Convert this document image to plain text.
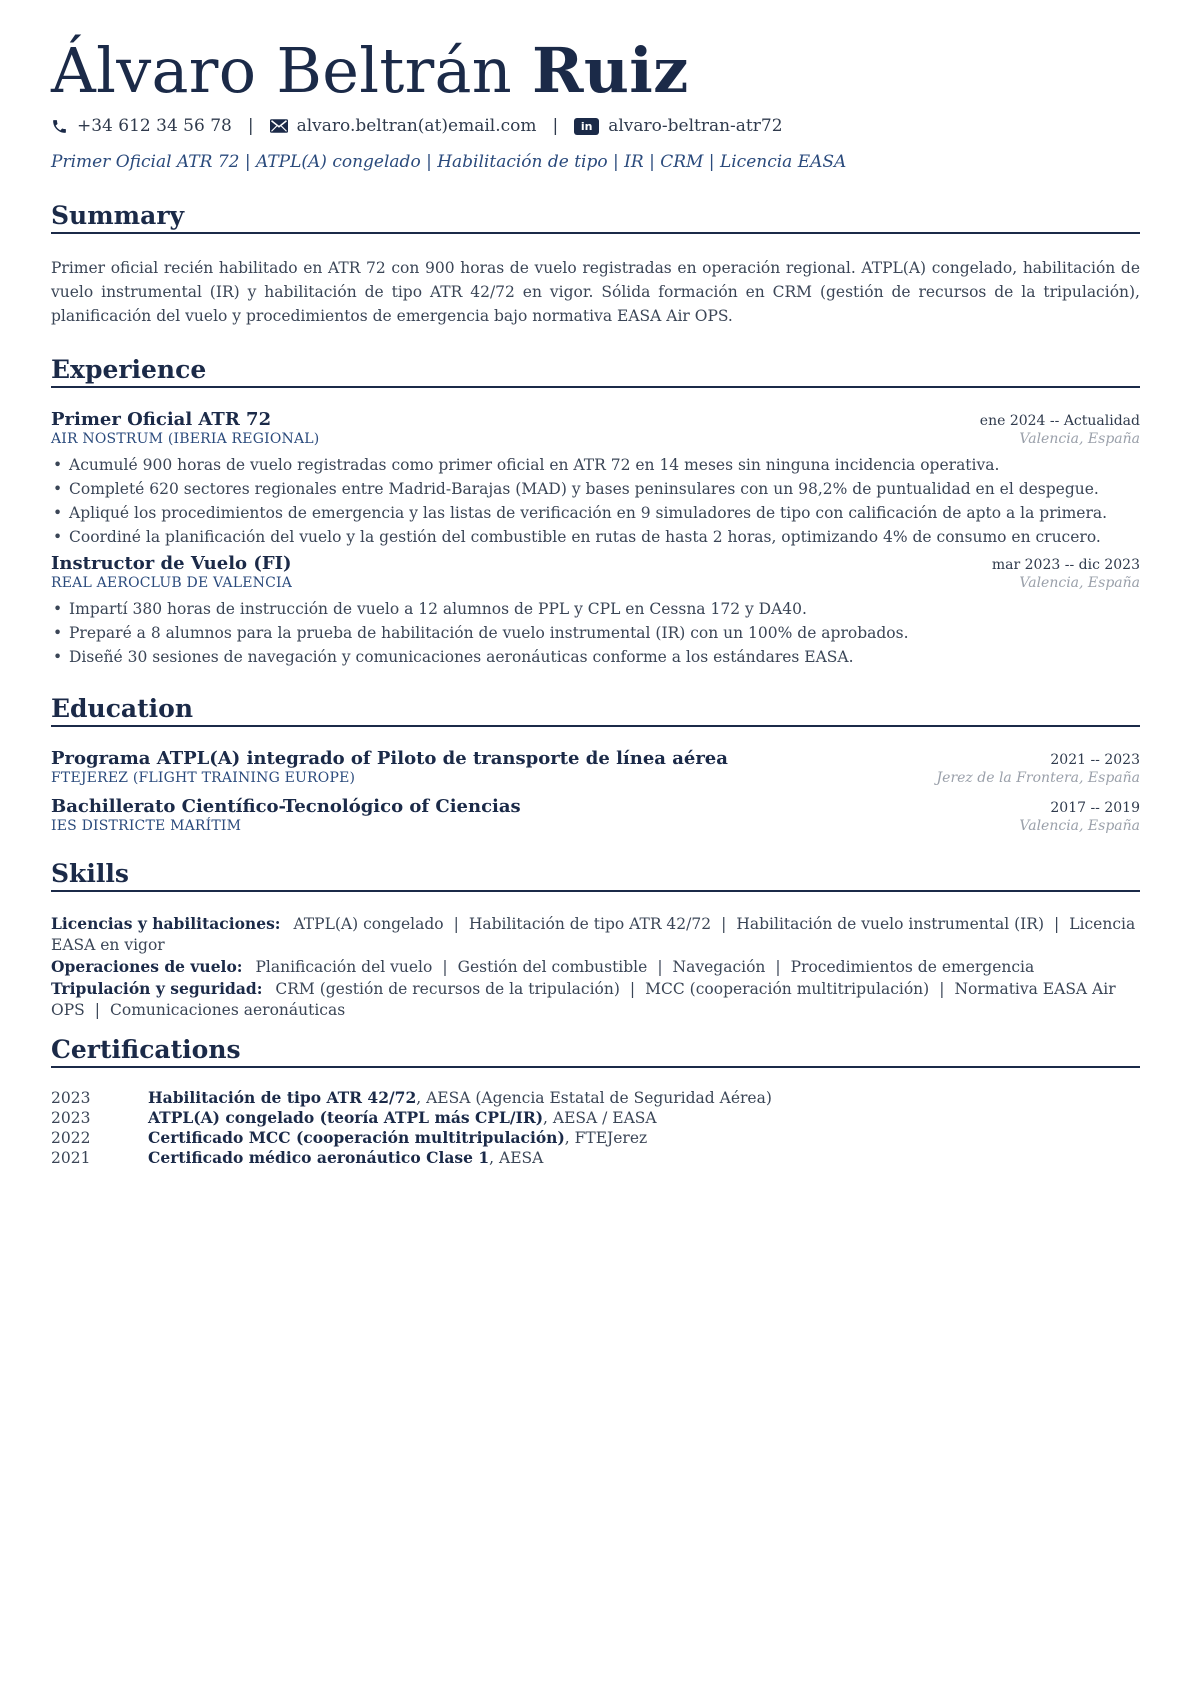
Álvaro Beltrán Ruiz
+34 612 34 56 78 |	alvaro.beltran(at)email.com |	in alvaro-beltran-atr72
Primer Oficial ATR 72 | ATPL(A) congelado | Habilitación de tipo | IR | CRM | Licencia EASA
Summary
Primer oficial recién habilitado en ATR 72 con 900 horas de vuelo registradas en operación regional. ATPL(A) congelado, habilitación de vuelo instrumental (IR) y habilitación de tipo ATR 42/72 en vigor. Sólida formación en CRM (gestión de recursos de la tripulación), planificación del vuelo y procedimientos de emergencia bajo normativa EASA Air OPS.
Experience
Primer Oficial ATR 72	ene 2024 -- Actualidad
AIR NOSTRUM (IBERIA REGIONAL)	Valencia, España
• Acumulé 900 horas de vuelo registradas como primer oficial en ATR 72 en 14 meses sin ninguna incidencia operativa.
• Completé 620 sectores regionales entre Madrid-Barajas (MAD) y bases peninsulares con un 98,2% de puntualidad en el despegue.
• Apliqué los procedimientos de emergencia y las listas de verificación en 9 simuladores de tipo con calificación de apto a la primera.
• Coordiné la planificación del vuelo y la gestión del combustible en rutas de hasta 2 horas, optimizando 4% de consumo en crucero.
Instructor de Vuelo (FI)	mar 2023 -- dic 2023
REAL AEROCLUB DE VALENCIA	Valencia, España
• Impartí 380 horas de instrucción de vuelo a 12 alumnos de PPL y CPL en Cessna 172 y DA40.
• Preparé a 8 alumnos para la prueba de habilitación de vuelo instrumental (IR) con un 100% de aprobados.
• Diseñé 30 sesiones de navegación y comunicaciones aeronáuticas conforme a los estándares EASA.
Education
Programa ATPL(A) integrado of Piloto de transporte de línea aérea	2021 -- 2023
FTEJEREZ (FLIGHT TRAINING EUROPE)	Jerez de la Frontera, España
Bachillerato Científico-Tecnológico of Ciencias	2017 -- 2019
IES DISTRICTE MARÍTIM	Valencia, España
Skills
Licencias y habilitaciones: ATPL(A) congelado | Habilitación de tipo ATR 42/72 | Habilitación de vuelo instrumental (IR) | Licencia EASA en vigor
Operaciones de vuelo: Planificación del vuelo | Gestión del combustible | Navegación | Procedimientos de emergencia
Tripulación y seguridad: CRM (gestión de recursos de la tripulación) | MCC (cooperación multitripulación) | Normativa EASA Air OPS | Comunicaciones aeronáuticas
Certifications
2023	Habilitación de tipo ATR 42/72, AESA (Agencia Estatal de Seguridad Aérea)
2023	ATPL(A) congelado (teoría ATPL más CPL/IR), AESA / EASA
2022	Certificado MCC (cooperación multitripulación), FTEJerez
2021	Certificado médico aeronáutico Clase 1, AESA
